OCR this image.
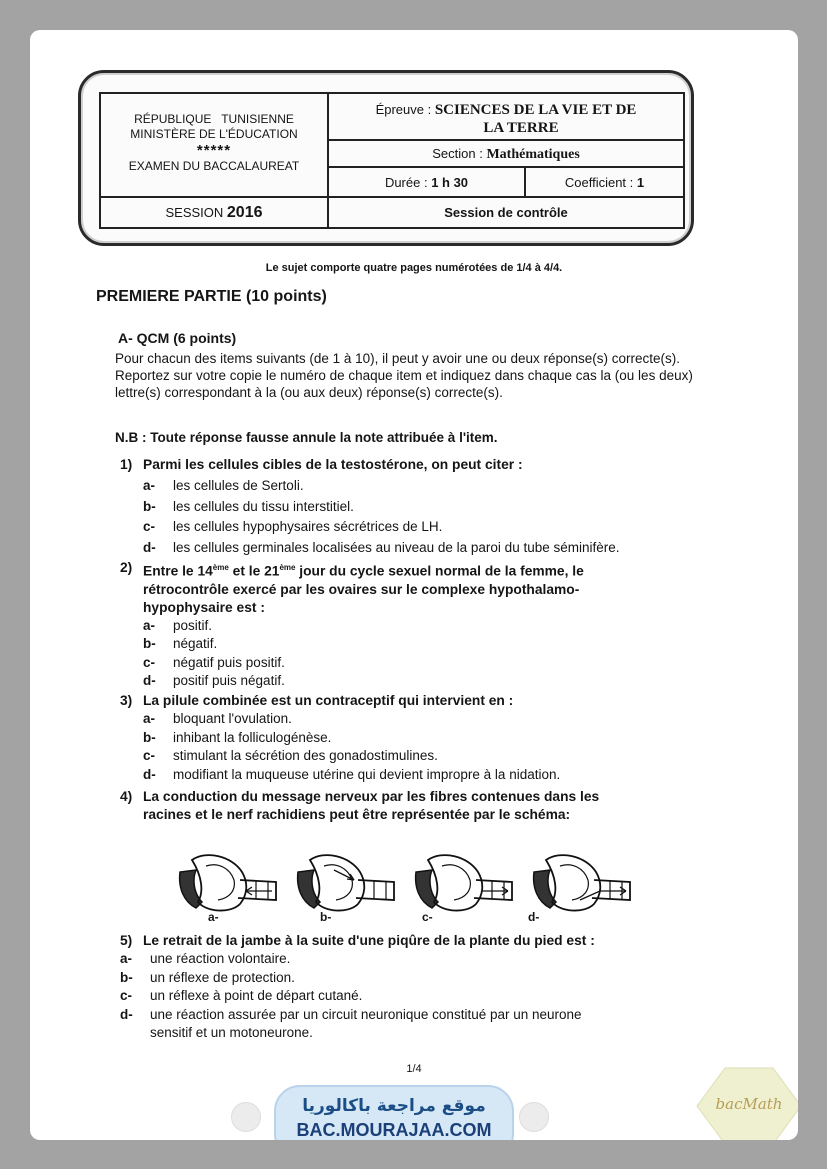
RÉPUBLIQUE   TUNISIENNE
MINISTÈRE DE L'ÉDUCATION
*****
EXAMEN DU BACCALAUREAT
Épreuve : SCIENCES DE LA VIE ET DE
LA TERRE
Section : Mathématiques
Durée : 1 h 30	Coefficient : 1
SESSION 2016	Session de contrôle
Le sujet comporte quatre pages numérotées de 1/4 à 4/4.
PREMIERE PARTIE (10 points)
A- QCM (6 points)
Pour chacun des items suivants (de 1 à 10), il peut y avoir une ou deux réponse(s) correcte(s). Reportez sur votre copie le numéro de chaque item et indiquez dans chaque cas la (ou les deux) lettre(s) correspondant à la (ou aux deux) réponse(s) correcte(s).
N.B : Toute réponse fausse annule la note attribuée à l'item.
1) Parmi les cellules cibles de la testostérone, on peut citer :
a- les cellules de Sertoli.
b- les cellules du tissu interstitiel.
c- les cellules hypophysaires sécrétrices de LH.
d- les cellules germinales localisées au niveau de la paroi du tube séminifère.
2) Entre le 14ème et le 21ème jour du cycle sexuel normal de la femme, le
rétrocontrôle exercé par les ovaires sur le complexe hypothalamo-
hypophysaire est :
a- positif.
b- négatif.
c- négatif puis positif.
d- positif puis négatif.
3) La pilule combinée est un contraceptif qui intervient en :
a- bloquant l'ovulation.
b- inhibant la folliculogénèse.
c- stimulant la sécrétion des gonadostimulines.
d- modifiant la muqueuse utérine qui devient impropre à la nidation.
4) La conduction du message nerveux par les fibres contenues dans les
racines et le nerf rachidiens peut être représentée par le schéma:
a-	b-	c-	d-
5) Le retrait de la jambe à la suite d'une piqûre de la plante du pied est :
a- une réaction volontaire.
b- un réflexe de protection.
c- un réflexe à point de départ cutané.
d- une réaction assurée par un circuit neuronique constitué par un neurone
sensitif et un motoneurone.
1/4
موقع مراجعة باكالوريا
BAC.MOURAJAA.COM
bacMath
